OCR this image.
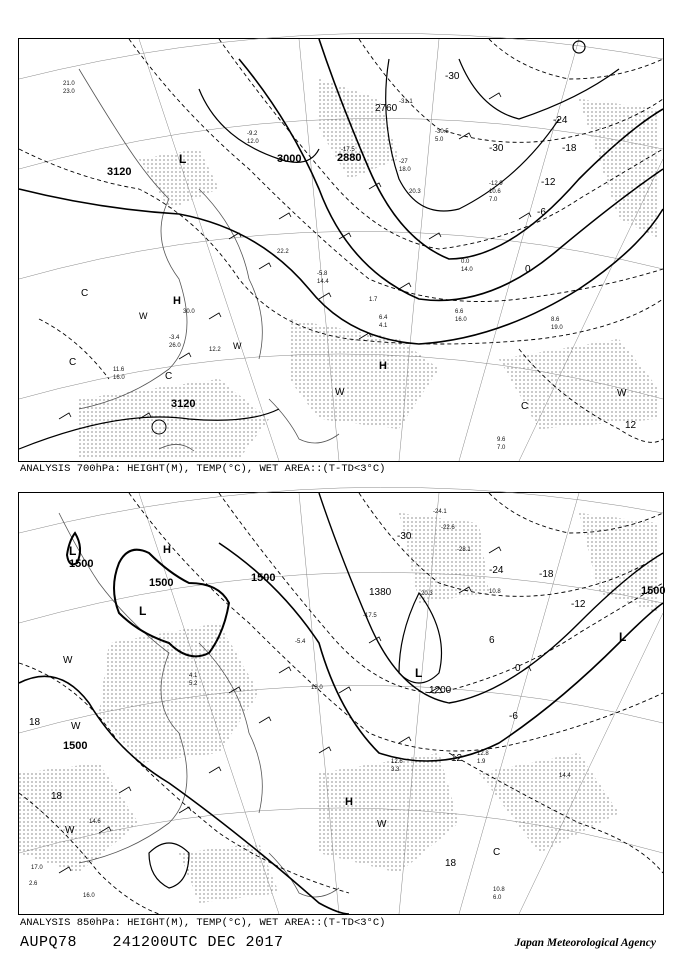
3120
3120
3000	2880
2760
-30
-24
-18
-12
-6
0
12
-30
L
H
H
C
C
C
C
W
W
W
W
21.0
23.0
-9.2
12.0
-27
18.0
-30.5
5.0
22.2
-31.1
-12.9
10.6
7.0
1.7
30.0	6.6
16.0	8.6
19.0
9.6
7.0
11.6
16.0
-3.4
26.0
12.2
0.0
14.0
-5.8
14.4
20.3
-17.5
6.4
4.1
ANALYSIS 700hPa: HEIGHT(M), TEMP(°C), WET AREA::(T-TD<3°C)
1500
1500	1500
1500
1500
1380
1200
-30
-24	-18
-12
-6
0
6
12
18
18
18
L
L
L
L
H
H
W
W
W
W
C
-28.1
-20.3
-17.5
10.8
12.8
1.9
14.4
10.8
6.0
14.6
17.0
2.6
4.1
5.2
16.0
13.0
-24.1
-22.6
-5.4
12.6
3.3
ANALYSIS 850hPa: HEIGHT(M), TEMP(°C), WET AREA::(T-TD<3°C)
AUPQ78 241200UTC DEC 2017	Japan Meteorological Agency
